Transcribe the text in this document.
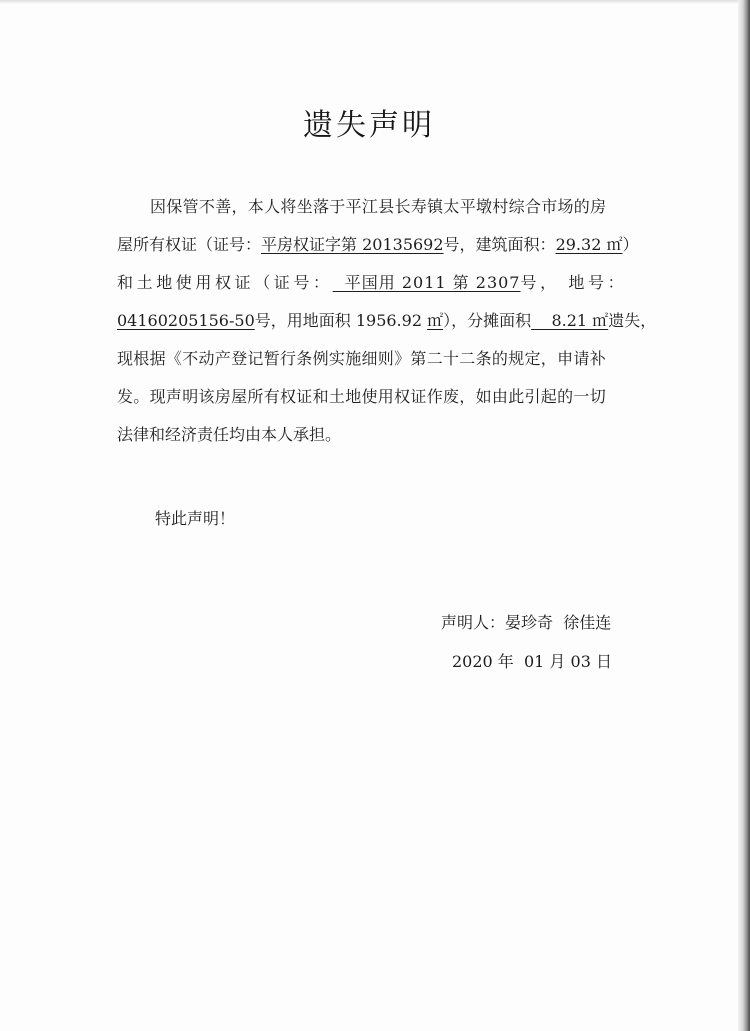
遗失声明
因保管不善，本人将坐落于平江县长寿镇太平墩村综合市场的房
屋所有权证（证号：平房权证字第 20135692号，建筑面积：29.32 ㎡）
和土地使用权证（证号：  平国用 2011 第 2307号， 地号：
04160205156-50号，用地面积 1956.92 ㎡），分摊面积    8.21 ㎡遗失，
现根据《不动产登记暂行条例实施细则》第二十二条的规定，申请补
发。现声明该房屋所有权证和土地使用权证作废，如由此引起的一切
法律和经济责任均由本人承担。
特此声明！
声明人：晏珍奇  徐佳连
2020 年  01 月 03 日
